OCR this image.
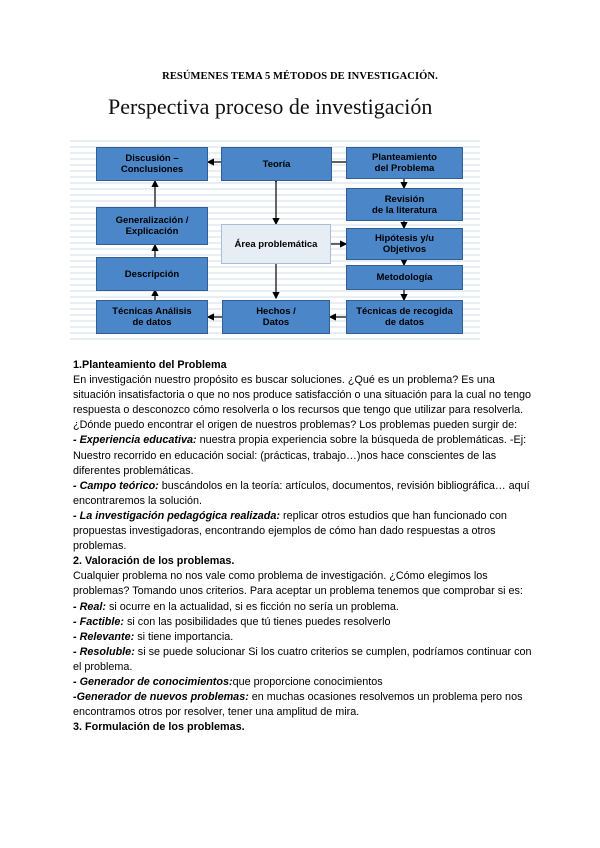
RESÚMENES TEMA 5 MÉTODOS DE INVESTIGACIÓN.
Perspectiva proceso de investigación
Discusión –
Conclusiones	Teoría
Planteamiento
del Problema
Revisión
de la literatura
Generalización /
Explicación
Área problemática	Hipótesis y/u
Objetivos
Descripción	Metodología
Técnicas Análisis
de datos
Hechos /
Datos
Técnicas de recogida
de datos

1.Planteamiento del Problema

En investigación nuestro propósito es buscar soluciones. ¿Qué es un problema? Es una situación insatisfactoria o que no nos produce satisfacción o una situación para la cual no tengo respuesta o desconozco cómo resolverla o los recursos que tengo que utilizar para resolverla.

¿Dónde puedo encontrar el origen de nuestros problemas? Los problemas pueden surgir de:

- Experiencia educativa: nuestra propia experiencia sobre la búsqueda de problemáticas. -Ej: Nuestro recorrido en educación social: (prácticas, trabajo…)nos hace conscientes de las diferentes problemáticas.

- Campo teórico: buscándolos en la teoría: artículos, documentos, revisión bibliográfica… aquí encontraremos la solución.

- La investigación pedagógica realizada: replicar otros estudios que han funcionado con propuestas investigadoras, encontrando ejemplos de cómo han dado respuestas a otros problemas.

2. Valoración de los problemas.

Cualquier problema no nos vale como problema de investigación. ¿Cómo elegimos los problemas? Tomando unos criterios. Para aceptar un problema tenemos que comprobar si es:

- Real: si ocurre en la actualidad, si es ficción no sería un problema.

- Factible: si con las posibilidades que tú tienes puedes resolverlo

- Relevante: si tiene importancia.

- Resoluble: si se puede solucionar Si los cuatro criterios se cumplen, podríamos continuar con el problema.

- Generador de conocimientos:que proporcione conocimientos

-Generador de nuevos problemas: en muchas ocasiones resolvemos un problema pero nos encontramos otros por resolver, tener una amplitud de mira.

3. Formulación de los problemas.
